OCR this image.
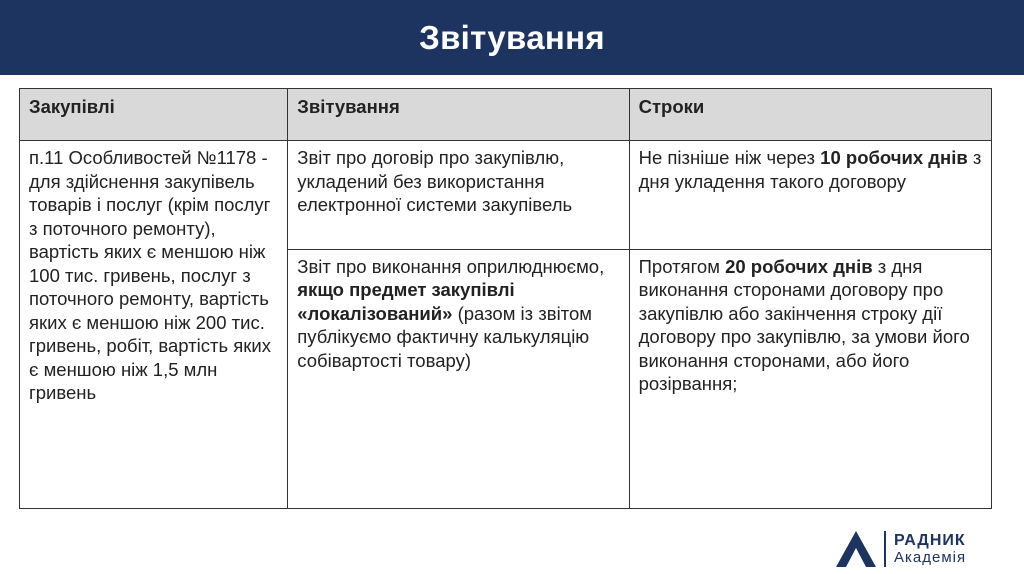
Звітування
Закупівлі	Звітування	Строки
п.11 Особливостей №1178 - для здійснення закупівель товарів і послуг (крім послуг з поточного ремонту), вартість яких є меншою ніж 100 тис. гривень, послуг з поточного ремонту, вартість яких є меншою ніж 200 тис. гривень, робіт, вартість яких є меншою ніж 1,5 млн гривень	Звіт про договір про закупівлю, укладений без використання електронної системи закупівель	Не пізніше ніж через 10 робочих днів з дня укладення такого договору
	Звіт про виконання оприлюднюємо, якщо предмет закупівлі «локалізований» (разом із звітом публікуємо фактичну калькуляцію собівартості товару)	Протягом 20 робочих днів з дня виконання сторонами договору про закупівлю або закінчення строку дії договору про закупівлю, за умови його виконання сторонами, або його розірвання;
РАДНИК
Академія
